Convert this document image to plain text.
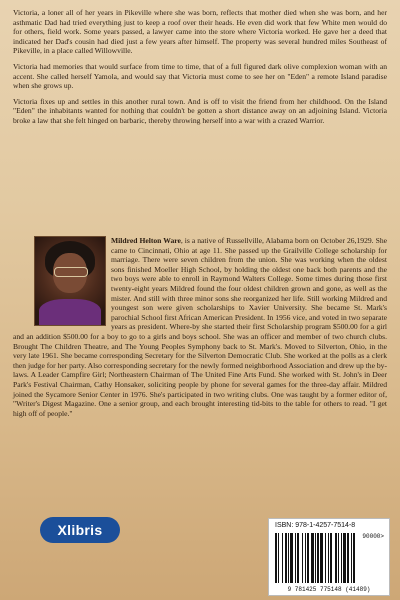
Victoria, a loner all of her years in Pikeville where she was born, reflects that mother died when she was born, and her asthmatic Dad had tried everything just to keep a roof over their heads. He even did work that few White men would do for others, field work. Some years passed, a lawyer came into the store where Victoria worked. He gave her a deed that indicated her Dad's cousin had died just a few years after himself. The property was several hundred miles Southeast of Pikeville, in a place called Willowville.

Victoria had memories that would surface from time to time, that of a full figured dark olive complexion woman with an accent. She called herself Yamola, and would say that Victoria must come to see her on "Eden" a remote Island paradise when she grows up.

Victoria fixes up and settles in this another rural town. And is off to visit the friend from her childhood. On the Island "Eden" the inhabitants wanted for nothing that couldn't be gotten a short distance away on an adjoining Island. Victoria broke a law that she felt hinged on barbaric, thereby throwing herself into a war with a crazed Warrior.

Mildred Helton Ware, is a native of Russellville, Alabama born on October 26,1929. She came to Cincinnati, Ohio at age 11. She passed up the Grailville College scholarship for marriage. There were seven children from the union. She was working when the oldest sons finished Moeller High School, by holding the oldest one back both parents and the two boys were able to enroll in Raymond Walters College. Some times during those first twenty-eight years Mildred found the four oldest children grown and gone, as well as the mister. And still with three minor sons she reorganized her life. Still working Mildred and youngest son were given scholarships to Xavier University. She became St. Mark's parochial School first African American President. In 1956 vice, and voted in two separate years as president. Where-by she started their first Scholarship program $500.00 for a girl and an addition $500.00 for a boy to go to a girls and boys school. She was an officer and member of two church clubs. Brought The Children Theatre, and The Young Peoples Symphony back to St. Mark's. Moved to Silverton, Ohio, in the very late 1961. She became corresponding Secretary for the Silverton Democratic Club. She worked at the polls as a clerk then judge for her party. Also corresponding secretary for the newly formed neighborhood Association and drew up the by-laws. A Leader Campfire Girl; Northeastern Chairman of The United Fine Arts Fund. She worked with St. John's in Deer Park's Festival Chairman, Cathy Honsaker, soliciting people by phone for several games for the three-day affair. Mildred joined the Sycamore Senior Center in 1976. She's participated in two writing clubs. One was taught by a former editor of, "Writer's Digest Magazine. One a senior group, and each brought interesting tid-bits to the table for others to read. "I get high off of people."
Xlibris	ISBN: 978-1-4257-7514-8
90000>
9 781425 775148 (41489)
